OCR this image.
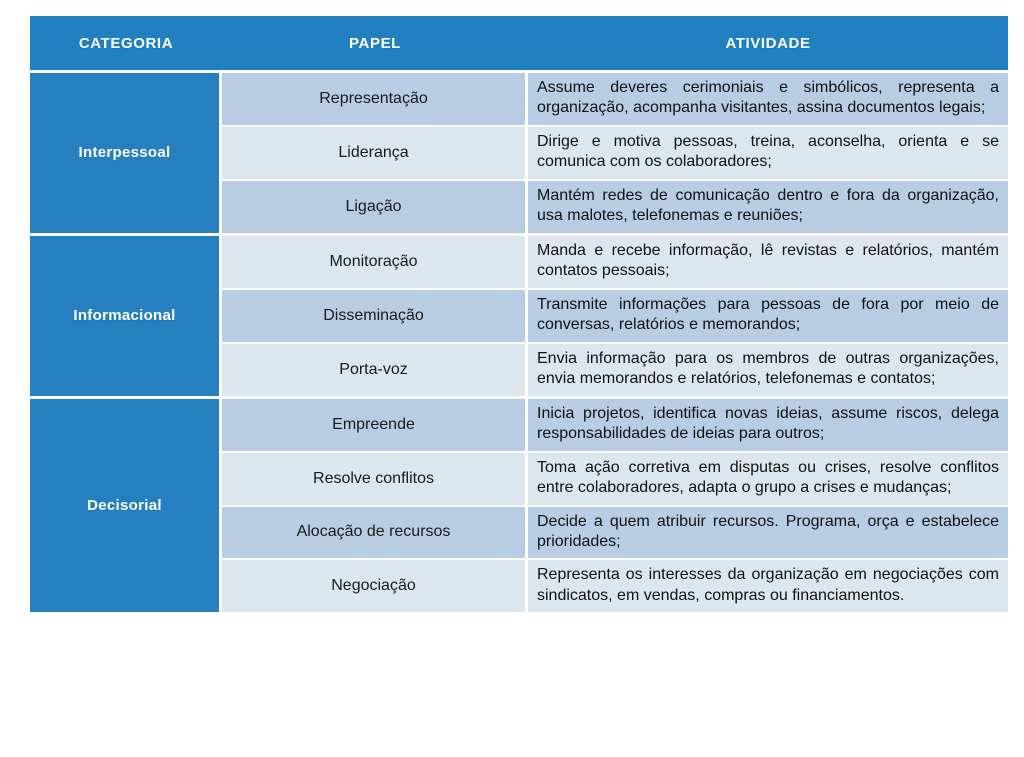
CATEGORIA	PAPEL	ATIVIDADE
Interpessoal	Representação	Assume deveres cerimoniais e simbólicos, representa a organização, acompanha visitantes, assina documentos legais;
	Liderança	Dirige e motiva pessoas, treina, aconselha, orienta e se comunica com os colaboradores;
	Ligação	Mantém redes de comunicação dentro e fora da organização, usa malotes, telefonemas e reuniões;
Informacional	Monitoração	Manda e recebe informação, lê revistas e relatórios, mantém contatos pessoais;
	Disseminação	Transmite informações para pessoas de fora por meio de conversas, relatórios e memorandos;
	Porta-voz	Envia informação para os membros de outras organizações, envia memorandos e relatórios, telefonemas e contatos;
Decisorial	Empreende	Inicia projetos, identifica novas ideias, assume riscos, delega responsabilidades de ideias para outros;
	Resolve conflitos	Toma ação corretiva em disputas ou crises, resolve conflitos entre colaboradores, adapta o grupo a crises e mudanças;
	Alocação de recursos	Decide a quem atribuir recursos. Programa, orça e estabelece prioridades;
	Negociação	Representa os interesses da organização em negociações com sindicatos, em vendas, compras ou financiamentos.
